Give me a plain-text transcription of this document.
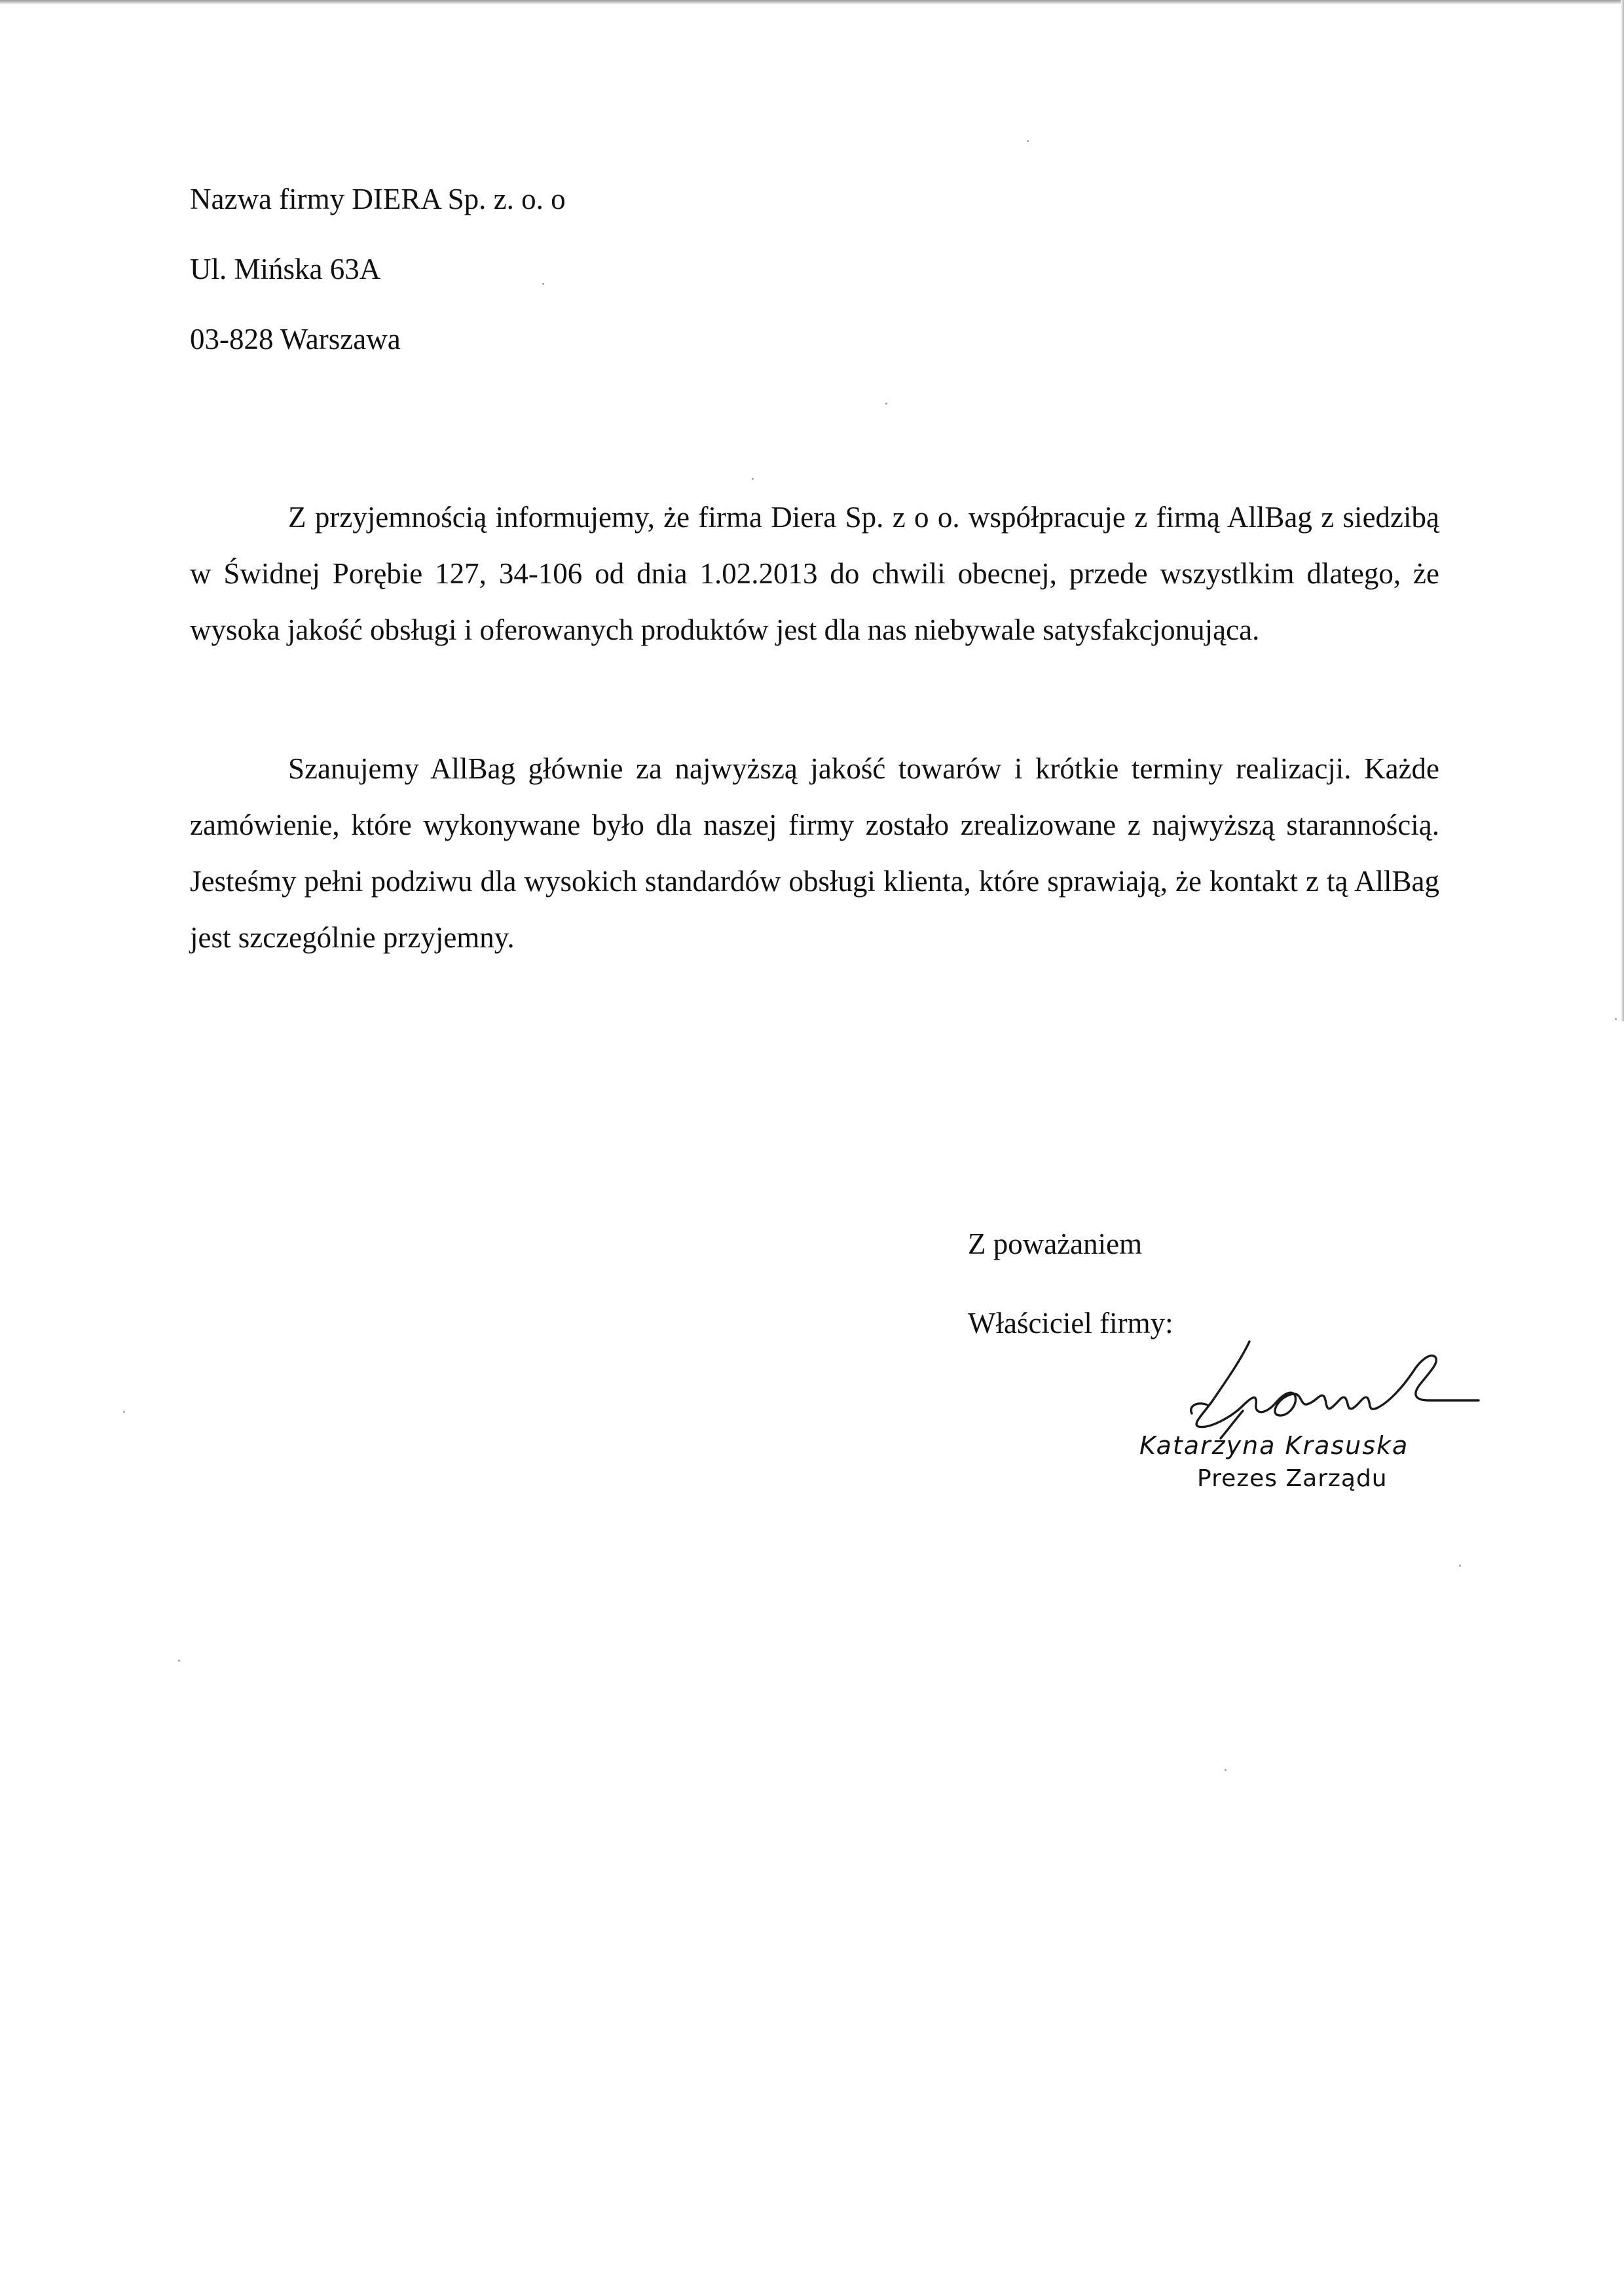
Nazwa firmy DIERA Sp. z. o. o
Ul. Mińska 63A
03-828 Warszawa

Z przyjemnością informujemy, że firma Diera Sp. z o o. współpracuje z firmą AllBag z siedzibą w Świdnej Porębie 127, 34-106 od dnia 1.02.2013 do chwili obecnej, przede wszystlkim dlatego, że wysoka jakość obsługi i oferowanych produktów jest dla nas niebywale satysfakcjonująca.

Szanujemy AllBag głównie za najwyższą jakość towarów i krótkie terminy realizacji. Każde zamówienie, które wykonywane było dla naszej firmy zostało zrealizowane z najwyższą starannością. Jesteśmy pełni podziwu dla wysokich standardów obsługi klienta, które sprawiają, że kontakt z tą AllBag jest szczególnie przyjemny.

Z poważaniem
Właściciel firmy:
Katarzyna Krasuska
Prezes Zarządu
